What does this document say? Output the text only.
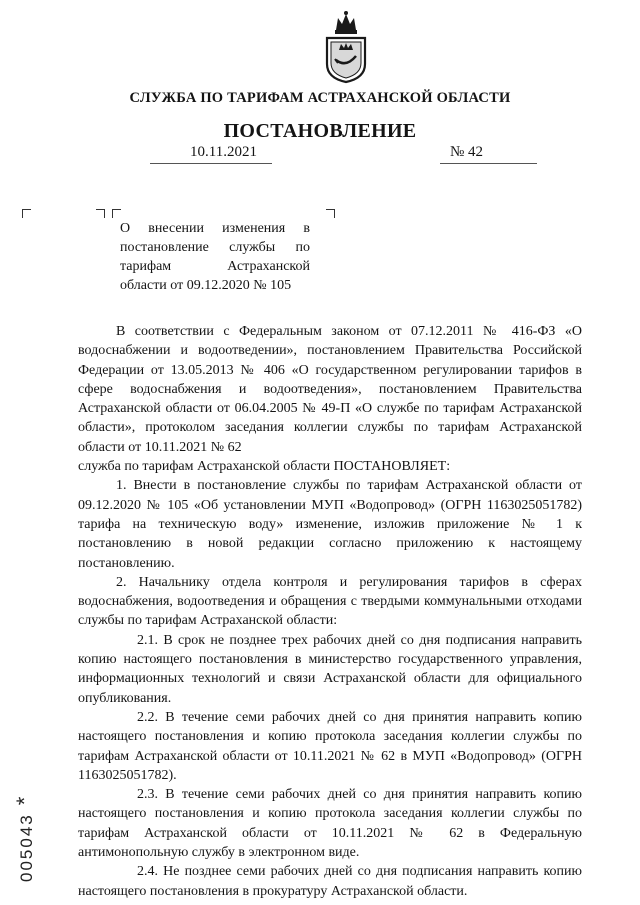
СЛУЖБА ПО ТАРИФАМ АСТРАХАНСКОЙ ОБЛАСТИ
ПОСТАНОВЛЕНИЕ
10.11.2021	№ 42
О внесении изменения в
постановление службы по
тарифам Астраханской
области от 09.12.2020 № 105

В соответствии с Федеральным законом от 07.12.2011 № 416-ФЗ «О водоснабжении и водоотведении», постановлением Правительства Российской Федерации от 13.05.2013 № 406 «О государственном регулировании тарифов в сфере водоснабжения и водоотведения», постановлением Правительства Астраханской области от 06.04.2005 № 49-П «О службе по тарифам Астраханской области», протоколом заседания коллегии службы по тарифам Астраханской области от 10.11.2021 № 62

служба по тарифам Астраханской области ПОСТАНОВЛЯЕТ:

1. Внести в постановление службы по тарифам Астраханской области от 09.12.2020 № 105 «Об установлении МУП «Водопровод» (ОГРН 1163025051782) тарифа на техническую воду» изменение, изложив приложение № 1 к постановлению в новой редакции согласно приложению к настоящему постановлению.

2. Начальнику отдела контроля и регулирования тарифов в сферах водоснабжения, водоотведения и обращения с твердыми коммунальными отходами службы по тарифам Астраханской области:

2.1. В срок не позднее трех рабочих дней со дня подписания направить копию настоящего постановления в министерство государственного управления, информационных технологий и связи Астраханской области для официального опубликования.

2.2. В течение семи рабочих дней со дня принятия направить копию настоящего постановления и копию протокола заседания коллегии службы по тарифам Астраханской области от 10.11.2021 № 62 в МУП «Водопровод» (ОГРН 1163025051782).

2.3. В течение семи рабочих дней со дня принятия направить копию настоящего постановления и копию протокола заседания коллегии службы по тарифам Астраханской области от 10.11.2021 № 62 в Федеральную антимонопольную службу в электронном виде.

2.4. Не позднее семи рабочих дней со дня подписания направить копию настоящего постановления в прокуратуру Астраханской области.

005043*
